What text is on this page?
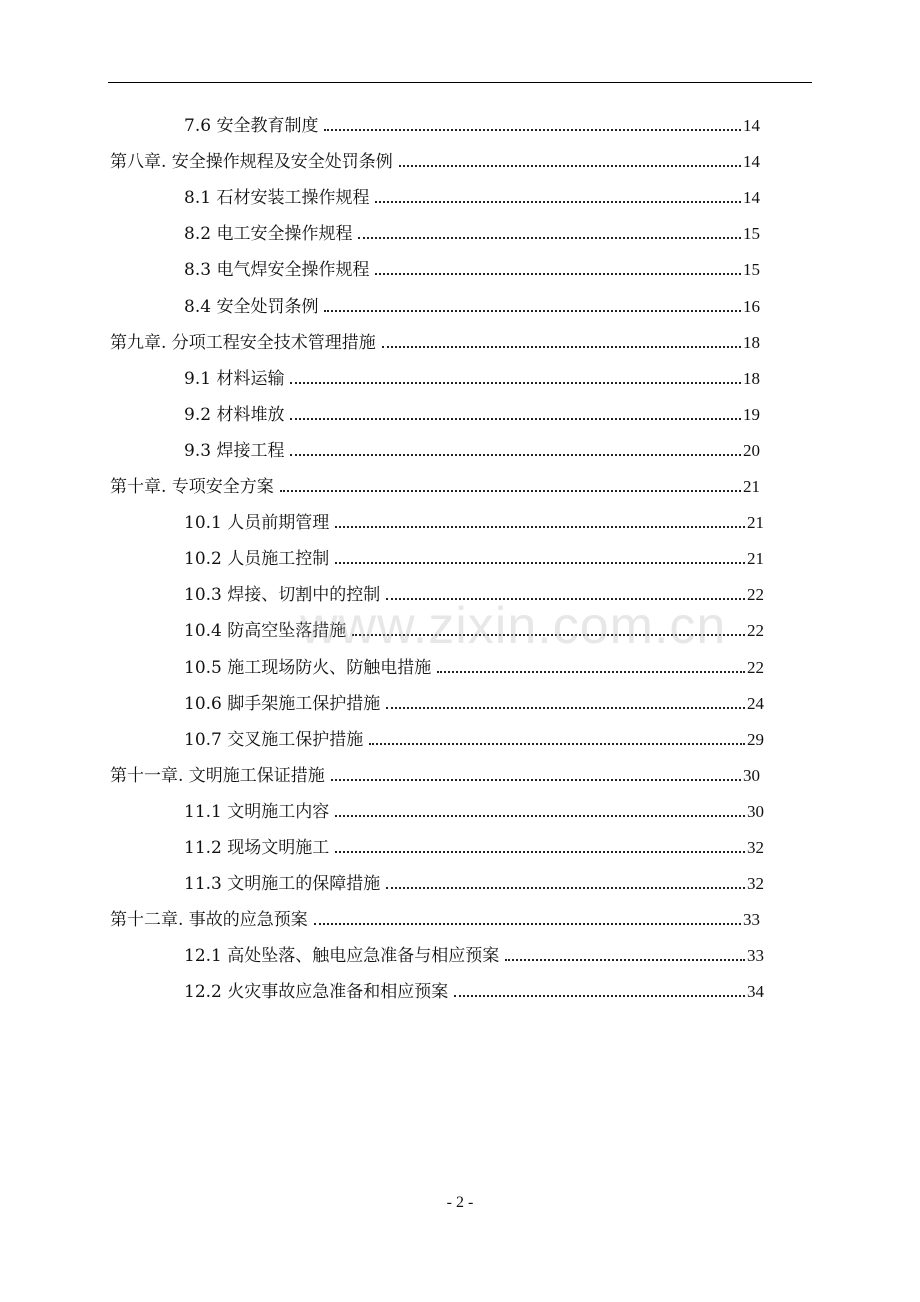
7.6 安全教育制度	14
第八章. 安全操作规程及安全处罚条例	14
8.1 石材安装工操作规程	14
8.2 电工安全操作规程	15
8.3 电气焊安全操作规程	15
8.4 安全处罚条例	16
第九章. 分项工程安全技术管理措施	18
9.1 材料运输	18
9.2 材料堆放	19
9.3 焊接工程	20
第十章. 专项安全方案	21
10.1 人员前期管理	21
10.2 人员施工控制	21
10.3 焊接、切割中的控制	22
10.4 防高空坠落措施	22
10.5 施工现场防火、防触电措施	22
10.6 脚手架施工保护措施	24
10.7 交叉施工保护措施	29
第十一章. 文明施工保证措施	30
11.1 文明施工内容	30
11.2 现场文明施工	32
11.3 文明施工的保障措施	32
第十二章. 事故的应急预案	33
12.1 高处坠落、触电应急准备与相应预案	33
12.2 火灾事故应急准备和相应预案	34
www.zixin.com.cn
- 2 -
